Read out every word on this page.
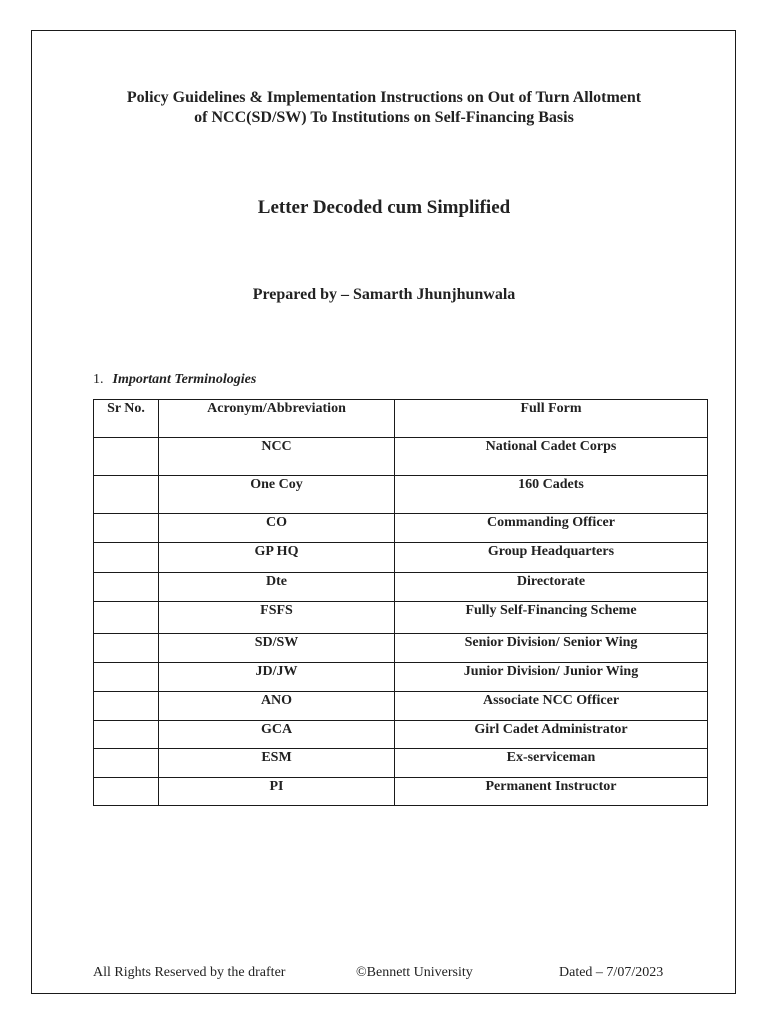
Policy Guidelines & Implementation Instructions on Out of Turn Allotment
of NCC(SD/SW) To Institutions on Self-Financing Basis
Letter Decoded cum Simplified
Prepared by – Samarth Jhunjhunwala

1. Important Terminologies

Sr No.	Acronym/Abbreviation	Full Form
	NCC	National Cadet Corps
	One Coy	160 Cadets
	CO	Commanding Officer
	GP HQ	Group Headquarters
	Dte	Directorate
	FSFS	Fully Self-Financing Scheme
	SD/SW	Senior Division/ Senior Wing
	JD/JW	Junior Division/ Junior Wing
	ANO	Associate NCC Officer
	GCA	Girl Cadet Administrator
	ESM	Ex-serviceman
	PI	Permanent Instructor

All Rights Reserved by the drafter	©Bennett University	Dated – 7/07/2023
